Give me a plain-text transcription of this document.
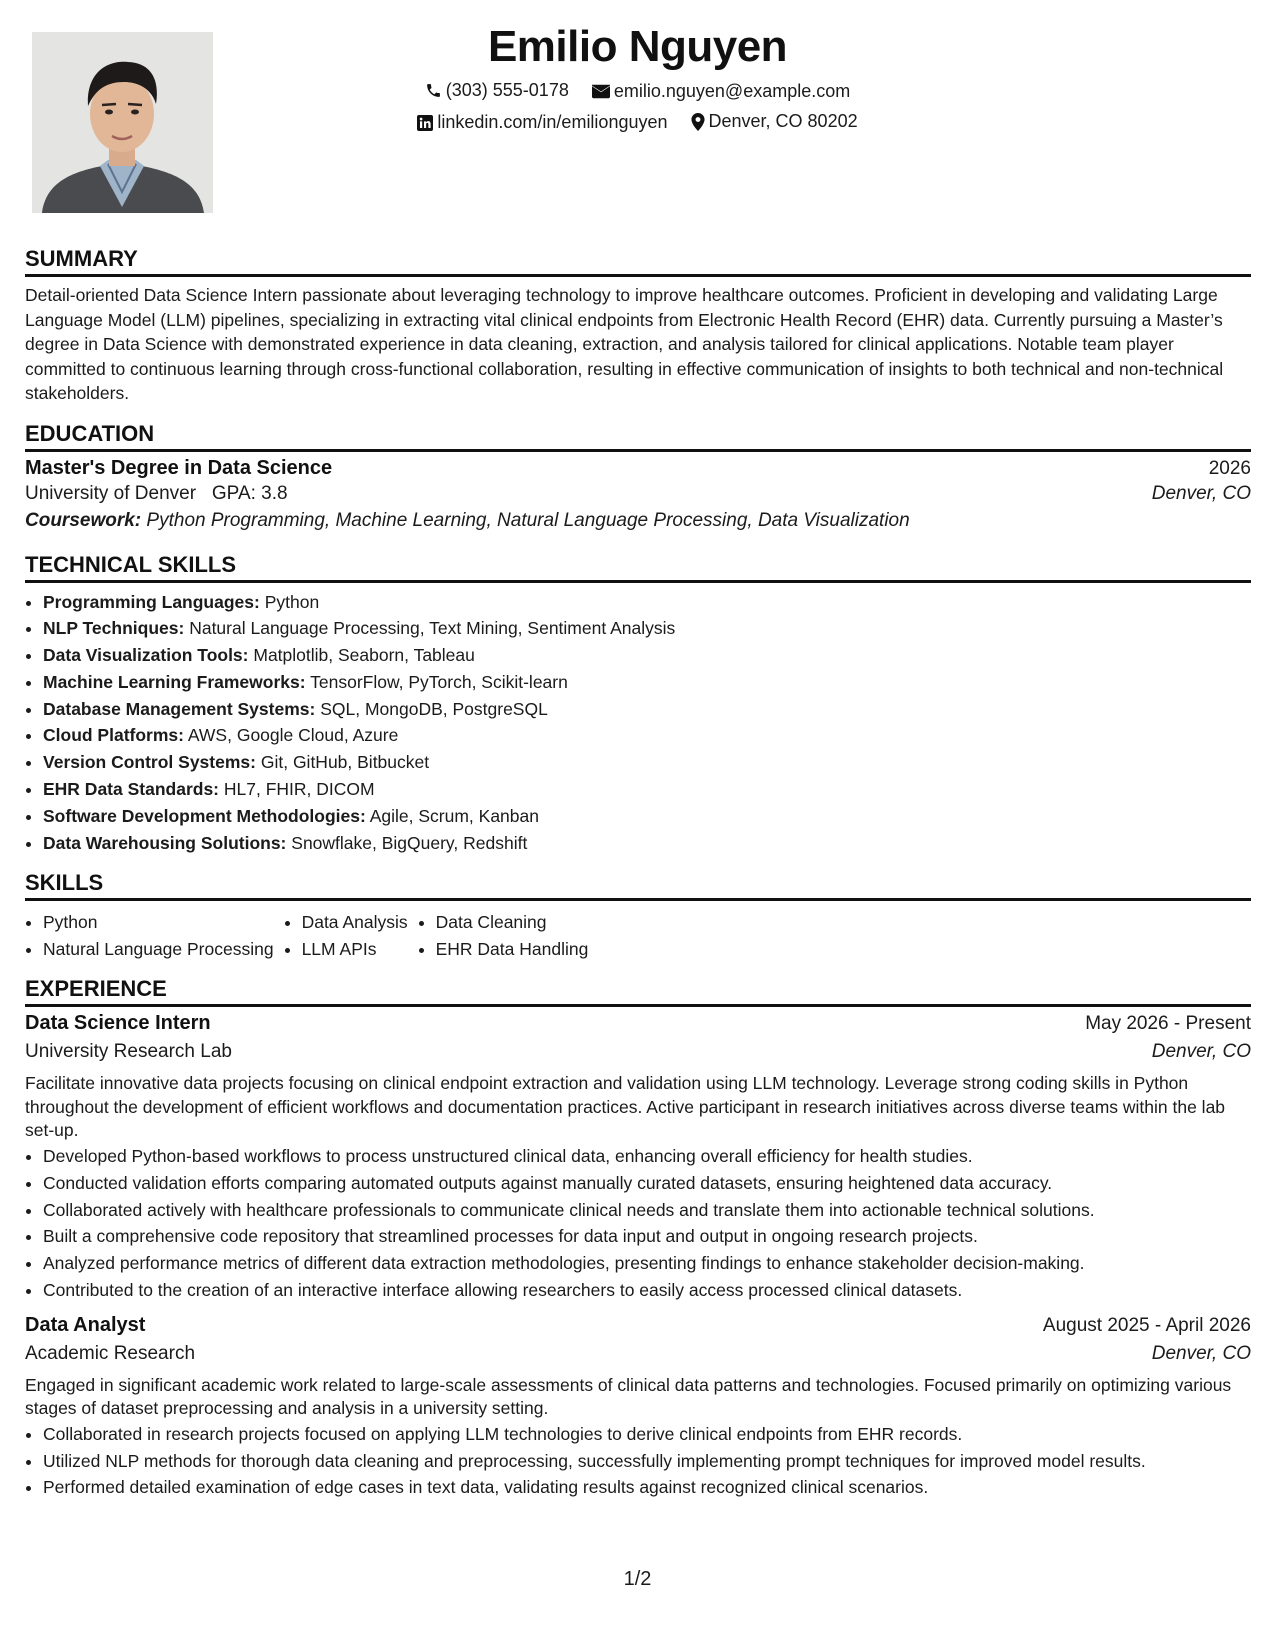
Emilio Nguyen
(303) 555-0178
	emilio.nguyen@example.com
linkedin.com/in/emilionguyen
Denver, CO 80202
SUMMARY
Detail-oriented Data Science Intern passionate about leveraging technology to improve healthcare outcomes. Proficient in developing and validating Large Language Model (LLM) pipelines, specializing in extracting vital clinical endpoints from Electronic Health Record (EHR) data. Currently pursuing a Master’s degree in Data Science with demonstrated experience in data cleaning, extraction, and analysis tailored for clinical applications. Notable team player committed to continuous learning through cross-functional collaboration, resulting in effective communication of insights to both technical and non-technical stakeholders.
EDUCATION
Master's Degree in Data Science	2026
University of Denver GPA: 3.8	Denver, CO
Coursework: Python Programming, Machine Learning, Natural Language Processing, Data Visualization
TECHNICAL SKILLS
• Programming Languages: Python
• NLP Techniques: Natural Language Processing, Text Mining, Sentiment Analysis
• Data Visualization Tools: Matplotlib, Seaborn, Tableau
• Machine Learning Frameworks: TensorFlow, PyTorch, Scikit-learn
• Database Management Systems: SQL, MongoDB, PostgreSQL
• Cloud Platforms: AWS, Google Cloud, Azure
• Version Control Systems: Git, GitHub, Bitbucket
• EHR Data Standards: HL7, FHIR, DICOM
• Software Development Methodologies: Agile, Scrum, Kanban
• Data Warehousing Solutions: Snowflake, BigQuery, Redshift
SKILLS
• Python
• Natural Language Processing
• Data Analysis
• LLM APIs
• Data Cleaning
• EHR Data Handling
EXPERIENCE
Data Science Intern	May 2026 - Present
University Research Lab	Denver, CO
Facilitate innovative data projects focusing on clinical endpoint extraction and validation using LLM technology. Leverage strong coding skills in Python throughout the development of efficient workflows and documentation practices. Active participant in research initiatives across diverse teams within the lab set-up.
• Developed Python-based workflows to process unstructured clinical data, enhancing overall efficiency for health studies.
• Conducted validation efforts comparing automated outputs against manually curated datasets, ensuring heightened data accuracy.
• Collaborated actively with healthcare professionals to communicate clinical needs and translate them into actionable technical solutions.
• Built a comprehensive code repository that streamlined processes for data input and output in ongoing research projects.
• Analyzed performance metrics of different data extraction methodologies, presenting findings to enhance stakeholder decision-making.
• Contributed to the creation of an interactive interface allowing researchers to easily access processed clinical datasets.
Data Analyst	August 2025 - April 2026
Academic Research	Denver, CO
Engaged in significant academic work related to large-scale assessments of clinical data patterns and technologies. Focused primarily on optimizing various stages of dataset preprocessing and analysis in a university setting.
• Collaborated in research projects focused on applying LLM technologies to derive clinical endpoints from EHR records.
• Utilized NLP methods for thorough data cleaning and preprocessing, successfully implementing prompt techniques for improved model results.
• Performed detailed examination of edge cases in text data, validating results against recognized clinical scenarios.
1/2
